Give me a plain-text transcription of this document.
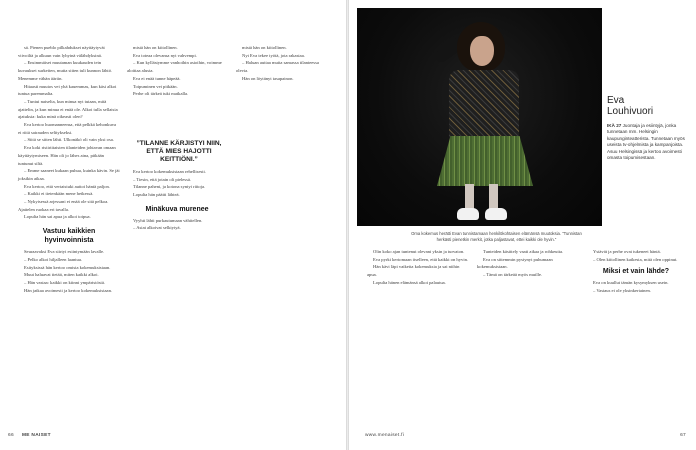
sä. Pienen pueblo pilkahdukset näyttäytyvät viivoiltä ja alkuun vain lyhyinä välähdyksinä.

– Ensimmäiset muutaman kuukauden tein kuvaukset surkeiten, mutta sitten tuli kunnon lähtö. Menemme vähän ääriin.

Hitaasti muutos vei yhä kauemmas, kun käsi alkoi tuntua paremmalta.

– Tuntui naiselta, kun minua nyt tutaan, mitä ajattelin, ja kun minua ei enää ole. Alkoi tulla sellaisia ajatuksia: kuka minä oikeasti olen?

Eva kertoo huomanneensa, että pelkkä kehonkuva ei riitä sairauden selitykseksi.

– Siitä se sitten lähti. Ulkonäkö oli vain yksi osa.

Eva koki ristiriitaisten tilanteiden johtavan omaan käyttäytymiseen. Hän oli jo lähes aina, pitkään tuntunut siltä.

– Emme saaneet kukaan puhua, kuinka kävin. Se jäi joksikin aikaa.

Eva kertoo, että vertaistuki auttoi häntä paljon.

– Kaikki ei tietenkään mene hetkessä.

– Nykyisessä arjessani ei enää ole sitä pelkoa. Ajattelen ruokaa eri tavalla.

Lopulta hän sai apua ja alkoi toipua.

Vastuu kaikkien hyvinvoinnista

Seuraavaksi Eva siirtyi esiintymään lavalle.

– Pelko alkoi hiljalleen laantua.

Esityksissä hän kertoo omista kokemuksistaan.

Muut haluavat tietää, miten kaikki alkoi.

– Hän vastaa: kaikki on kiinni ympäristöstä.

Hän jatkaa avoimesti ja kertoo kokemuksistaan.

mistä hän on kiitollinen.

Eva toteaa olevansa nyt vahvempi.

– Kun kyllästymme vanhoihin asioihin, voimme aloittaa alusta.

Eva ei enää tunne häpeää.

Toipuminen vei pitkään.

Perhe oli tärkeä tuki matkalla.

Eva kertoo kokemuksistaan rehellisesti.

– Tiesin, että jotain oli pielessä.

Tilanne paheni, ja kotona syntyi riitoja.

Lopulta hän päätti lähteä.

Minäkuva murenee

Vyyhti lähti purkautumaan vähitellen.

– Asiat alkoivat selkiytyä.

”TILANNE KÄRJISTYI NIIN, ETTÄ MIES HAJOTTI KEITTIÖNI.”

mistä hän on kiitollinen.

Nyt Eva tekee työtä, jota rakastaa.

– Haluan auttaa muita samassa tilanteessa olevia.

Hän on löytänyt tasapainon.

66 ME NAISET
Oma kokemus herätti Evan tunnistamaan henkilökohtaisen elämänsä muutoksia. ”Tunnistan herkästi pienetkin merkit, jotka paljastavat, ettei kaikki ole hyvin.”
Eva
Louhivuori
IKÄ 27 Juontaja ja esiintyjä, jonka tunnetaan mm. Helsingin kaupunginteatterista. Tunnetaan myös useista tv-ohjelmista ja kampanjoista. Asuu Helsingissä ja kertoo avoimesti omasta toipumisestaan.

Olin koko ajan tuntenut olevani yksin ja turvaton.

Eva pyrki kertomaan itselleen, että kaikki on hyvin.

Hän kävi läpi vaikeita kokemuksia ja sai niihin apua.

Lopulta hänen elämänsä alkoi palautua.

Tunteiden käsittely vaati aikaa ja rohkeutta.

Eva on sittemmin pystynyt puhumaan kokemuksistaan.

– Tämä on tärkeää myös muille.

Ystävät ja perhe ovat tukeneet häntä.

– Olen kiitollinen kaikesta, mitä olen oppinut.

Miksi et vain lähde?

Eva on kuullut tämän kysymyksen usein.

– Vastaus ei ole yksinkertainen.

www.menaiset.fi	67
